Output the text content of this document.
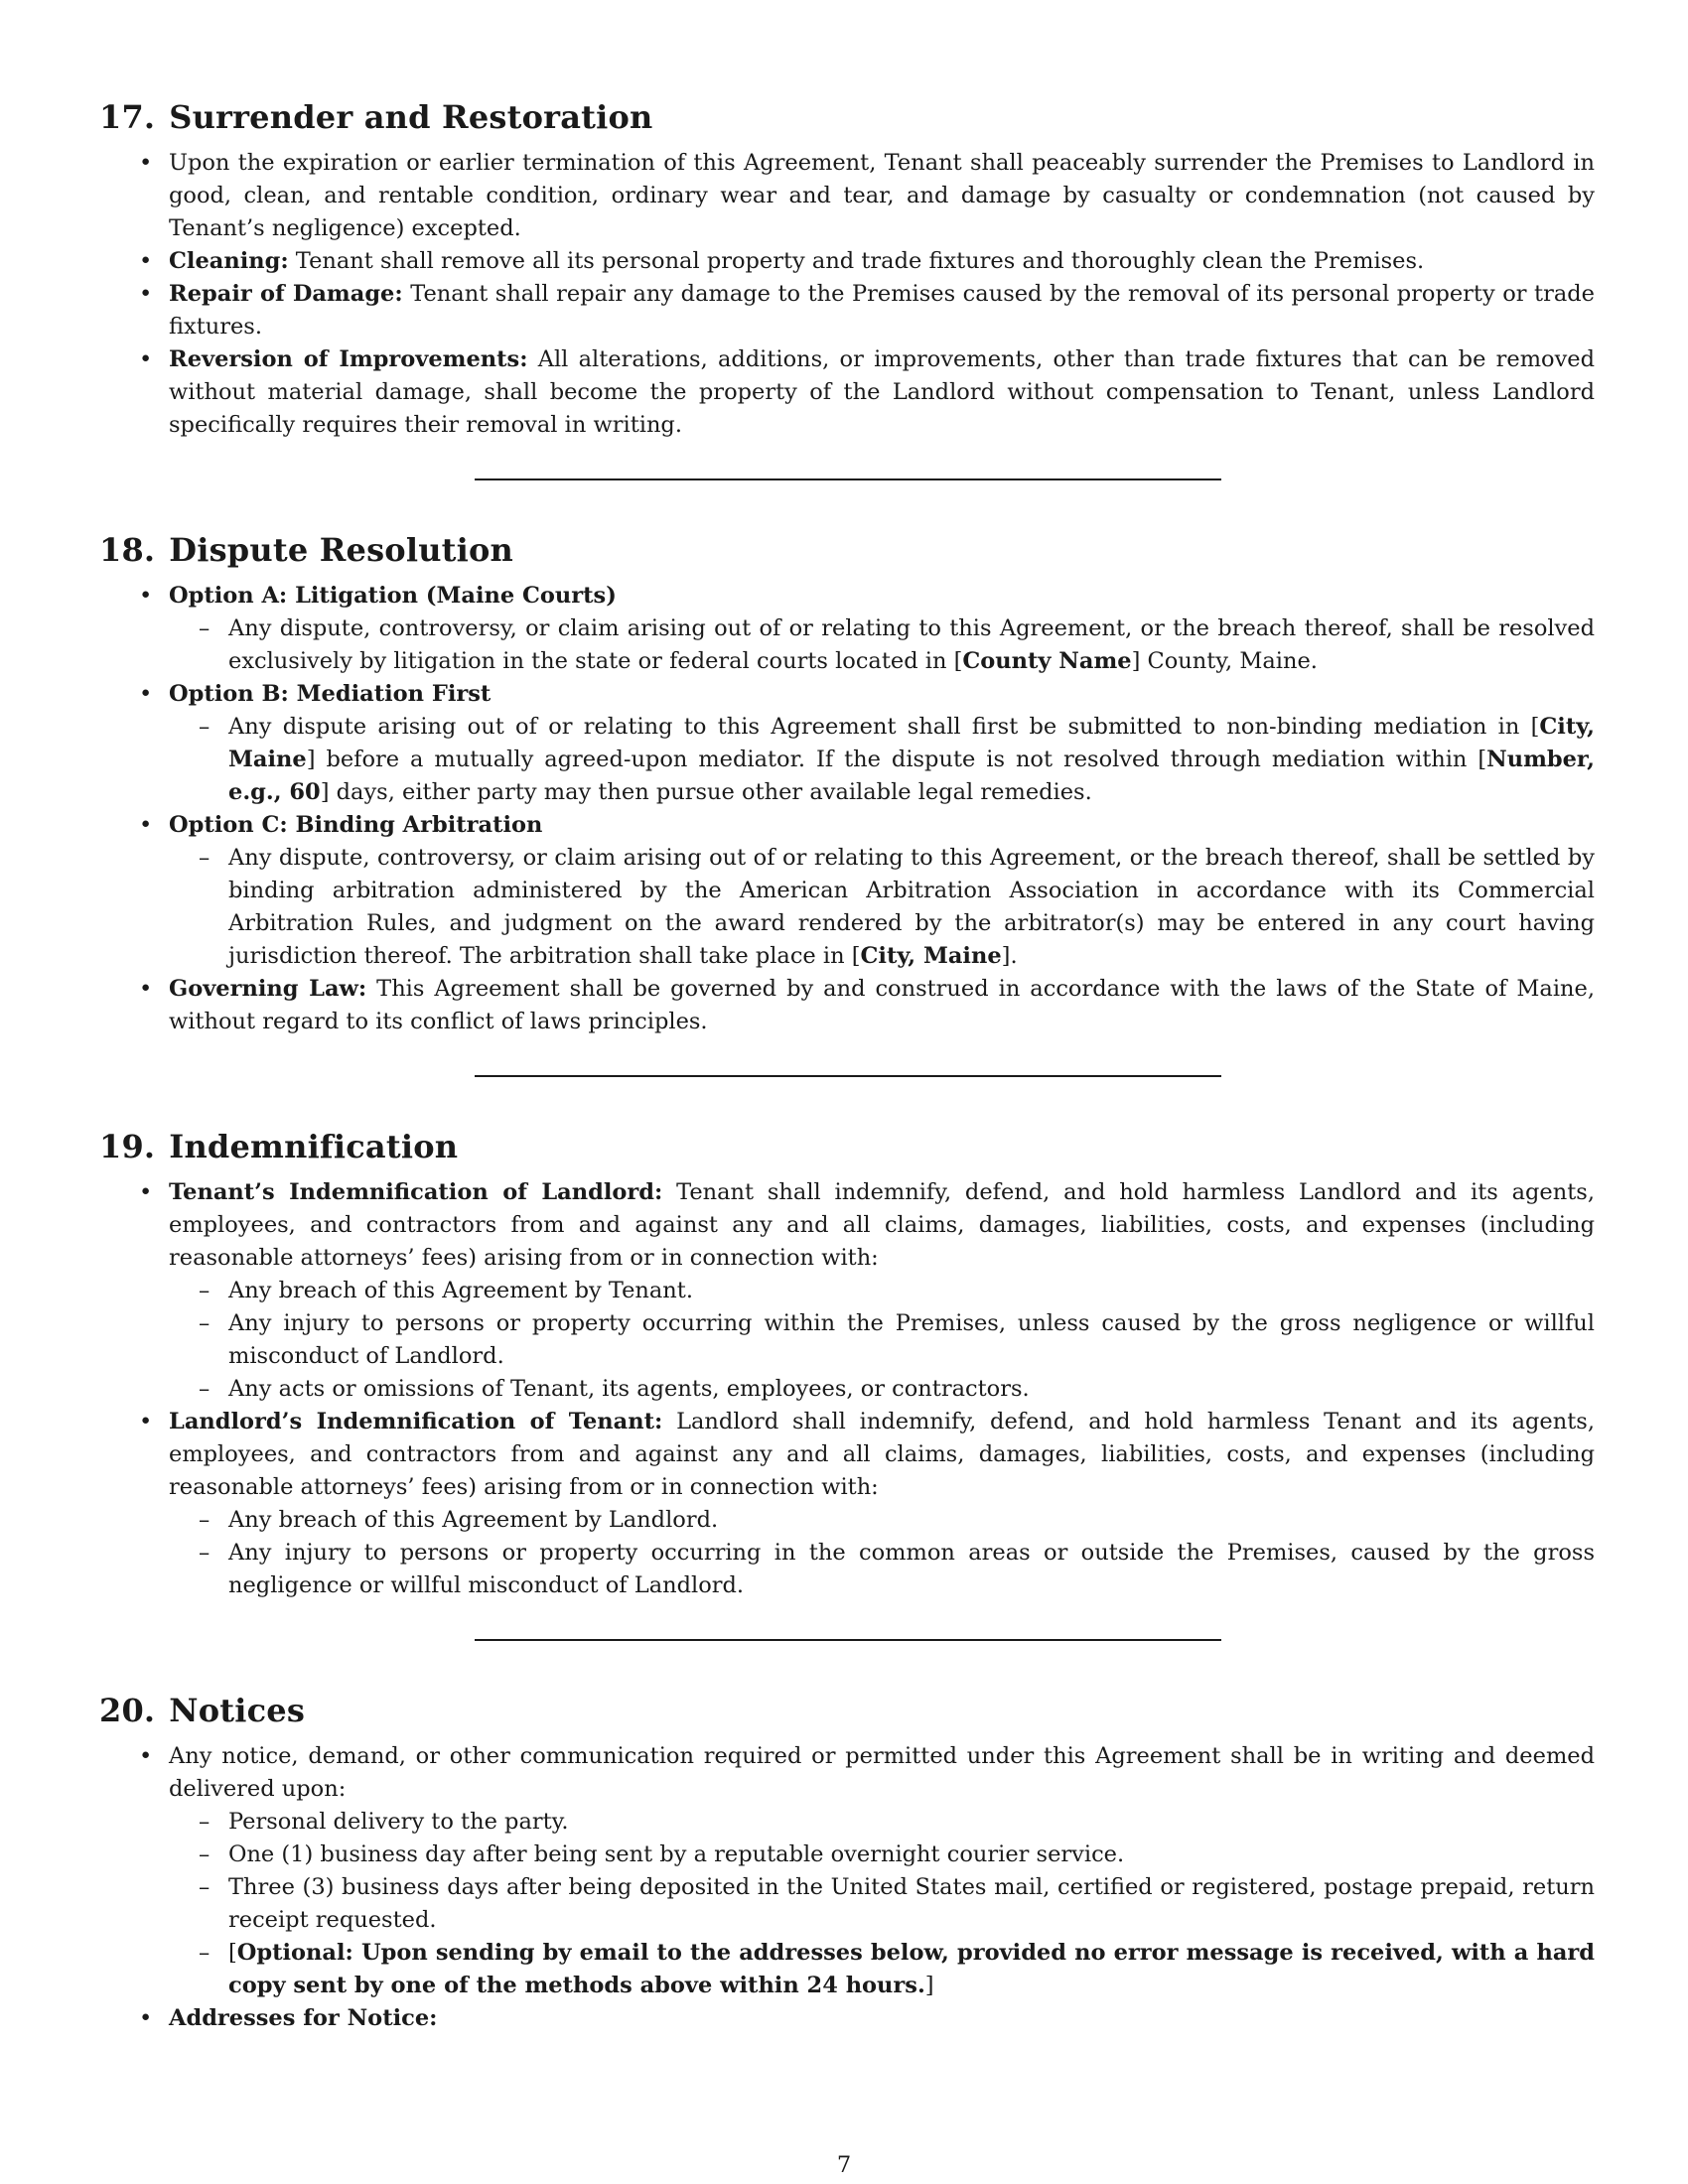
17. Surrender and Restoration
• Upon the expiration or earlier termination of this Agreement, Tenant shall peaceably surrender the Premises to Landlord in good, clean, and rentable condition, ordinary wear and tear, and damage by casualty or condemnation (not caused by Tenant’s negligence) excepted.
• Cleaning: Tenant shall remove all its personal property and trade fixtures and thoroughly clean the Premises.
• Repair of Damage: Tenant shall repair any damage to the Premises caused by the removal of its personal property or trade fixtures.
• Reversion of Improvements: All alterations, additions, or improvements, other than trade fixtures that can be removed without material damage, shall become the property of the Landlord without compensation to Tenant, unless Landlord specifically requires their removal in writing.
18. Dispute Resolution
• Option A: Litigation (Maine Courts)
– Any dispute, controversy, or claim arising out of or relating to this Agreement, or the breach thereof, shall be resolved exclusively by litigation in the state or federal courts located in [County Name] County, Maine.
• Option B: Mediation First
– Any dispute arising out of or relating to this Agreement shall first be submitted to non-binding mediation in [City, Maine] before a mutually agreed-upon mediator. If the dispute is not resolved through mediation within [Number, e.g., 60] days, either party may then pursue other available legal remedies.
• Option C: Binding Arbitration
– Any dispute, controversy, or claim arising out of or relating to this Agreement, or the breach thereof, shall be settled by binding arbitration administered by the American Arbitration Association in accordance with its Commercial Arbitration Rules, and judgment on the award rendered by the arbitrator(s) may be entered in any court having jurisdiction thereof. The arbitration shall take place in [City, Maine].
• Governing Law: This Agreement shall be governed by and construed in accordance with the laws of the State of Maine, without regard to its conflict of laws principles.
19. Indemnification
• Tenant’s Indemnification of Landlord: Tenant shall indemnify, defend, and hold harmless Landlord and its agents, employees, and contractors from and against any and all claims, damages, liabilities, costs, and expenses (including reasonable attorneys’ fees) arising from or in connection with:
– Any breach of this Agreement by Tenant.
– Any injury to persons or property occurring within the Premises, unless caused by the gross negligence or willful misconduct of Landlord.
– Any acts or omissions of Tenant, its agents, employees, or contractors.
• Landlord’s Indemnification of Tenant: Landlord shall indemnify, defend, and hold harmless Tenant and its agents, employees, and contractors from and against any and all claims, damages, liabilities, costs, and expenses (including reasonable attorneys’ fees) arising from or in connection with:
– Any breach of this Agreement by Landlord.
– Any injury to persons or property occurring in the common areas or outside the Premises, caused by the gross negligence or willful misconduct of Landlord.
20. Notices
• Any notice, demand, or other communication required or permitted under this Agreement shall be in writing and deemed delivered upon:
– Personal delivery to the party.
– One (1) business day after being sent by a reputable overnight courier service.
– Three (3) business days after being deposited in the United States mail, certified or registered, postage prepaid, return receipt requested.
– [Optional: Upon sending by email to the addresses below, provided no error message is received, with a hard copy sent by one of the methods above within 24 hours.]
• Addresses for Notice:
7
